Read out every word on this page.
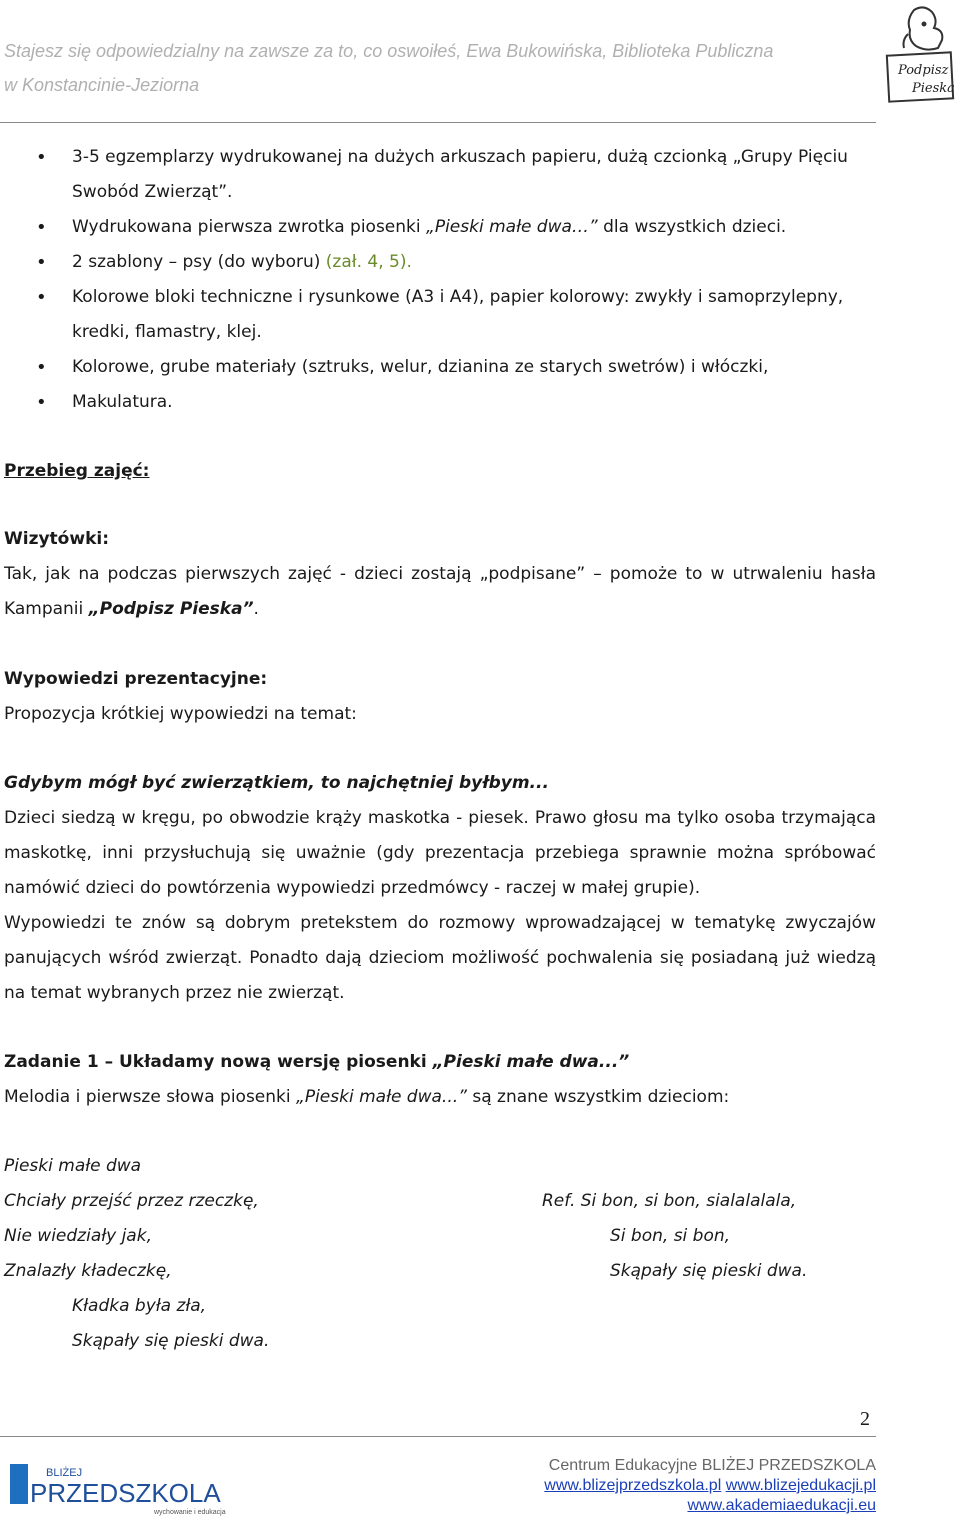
Stajesz się odpowiedzialny na zawsze za to, co oswoiłeś, Ewa Bukowińska, Biblioteka Publiczna
w Konstancinie-Jeziorna
Podpisz
Pieska
• 3-5 egzemplarzy wydrukowanej na dużych arkuszach papieru, dużą czcionką „Grupy Pięciu Swobód Zwierząt”.
• Wydrukowana pierwsza zwrotka piosenki „Pieski małe dwa…” dla wszystkich dzieci.
• 2 szablony – psy (do wyboru) (zał. 4, 5).
• Kolorowe bloki techniczne i rysunkowe (A3 i A4), papier kolorowy: zwykły i samoprzylepny, kredki, flamastry, klej.
• Kolorowe, grube materiały (sztruks, welur, dzianina ze starych swetrów) i włóczki,
• Makulatura.
Przebieg zajęć:
Wizytówki:
Tak, jak na podczas pierwszych zajęć - dzieci zostają „podpisane” – pomoże to w utrwaleniu hasła Kampanii „Podpisz Pieska”.
Wypowiedzi prezentacyjne:
Propozycja krótkiej wypowiedzi na temat:
Gdybym mógł być zwierzątkiem, to najchętniej byłbym...
Dzieci siedzą w kręgu, po obwodzie krąży maskotka - piesek. Prawo głosu ma tylko osoba trzymająca maskotkę, inni przysłuchują się uważnie (gdy prezentacja przebiega sprawnie można spróbować namówić dzieci do powtórzenia wypowiedzi przedmówcy - raczej w małej grupie).
Wypowiedzi te znów są dobrym pretekstem do rozmowy wprowadzającej w tematykę zwyczajów panujących wśród zwierząt. Ponadto dają dzieciom możliwość pochwalenia się posiadaną już wiedzą na temat wybranych przez nie zwierząt.
Zadanie 1 – Układamy nową wersję piosenki „Pieski małe dwa...”
Melodia i pierwsze słowa piosenki „Pieski małe dwa...” są znane wszystkim dzieciom:
Pieski małe dwa
Chciały przejść przez rzeczkę,
Nie wiedziały jak,
Znalazły kładeczkę,
Kładka była zła,
Skąpały się pieski dwa.
Ref. Si bon, si bon, sialalalala,
Si bon, si bon,
Skąpały się pieski dwa.
2
BLIŻEJ
PRZEDSZKOLA
wychowanie i edukacja
Centrum Edukacyjne BLIŻEJ PRZEDSZKOLA
www.blizejprzedszkola.pl www.blizejedukacji.pl
www.akademiaedukacji.eu
